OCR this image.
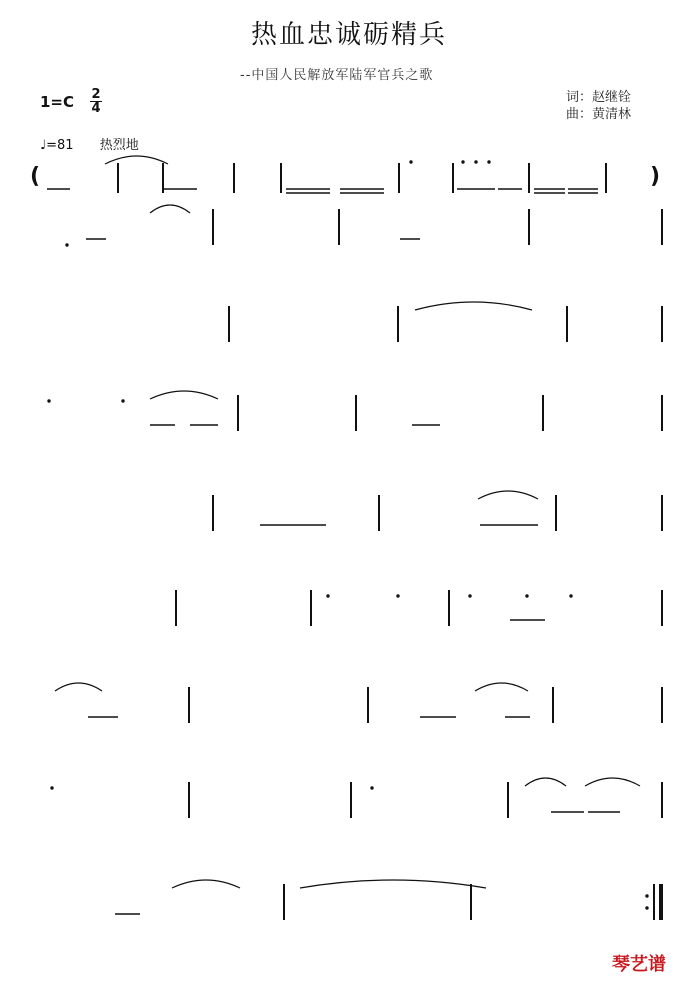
热血忠诚砺精兵
--中国人民解放军陆军官兵之歌
1=C 2
4
词：赵继铨
曲：黄清林
♩=81 热烈地
(	)
琴艺谱
